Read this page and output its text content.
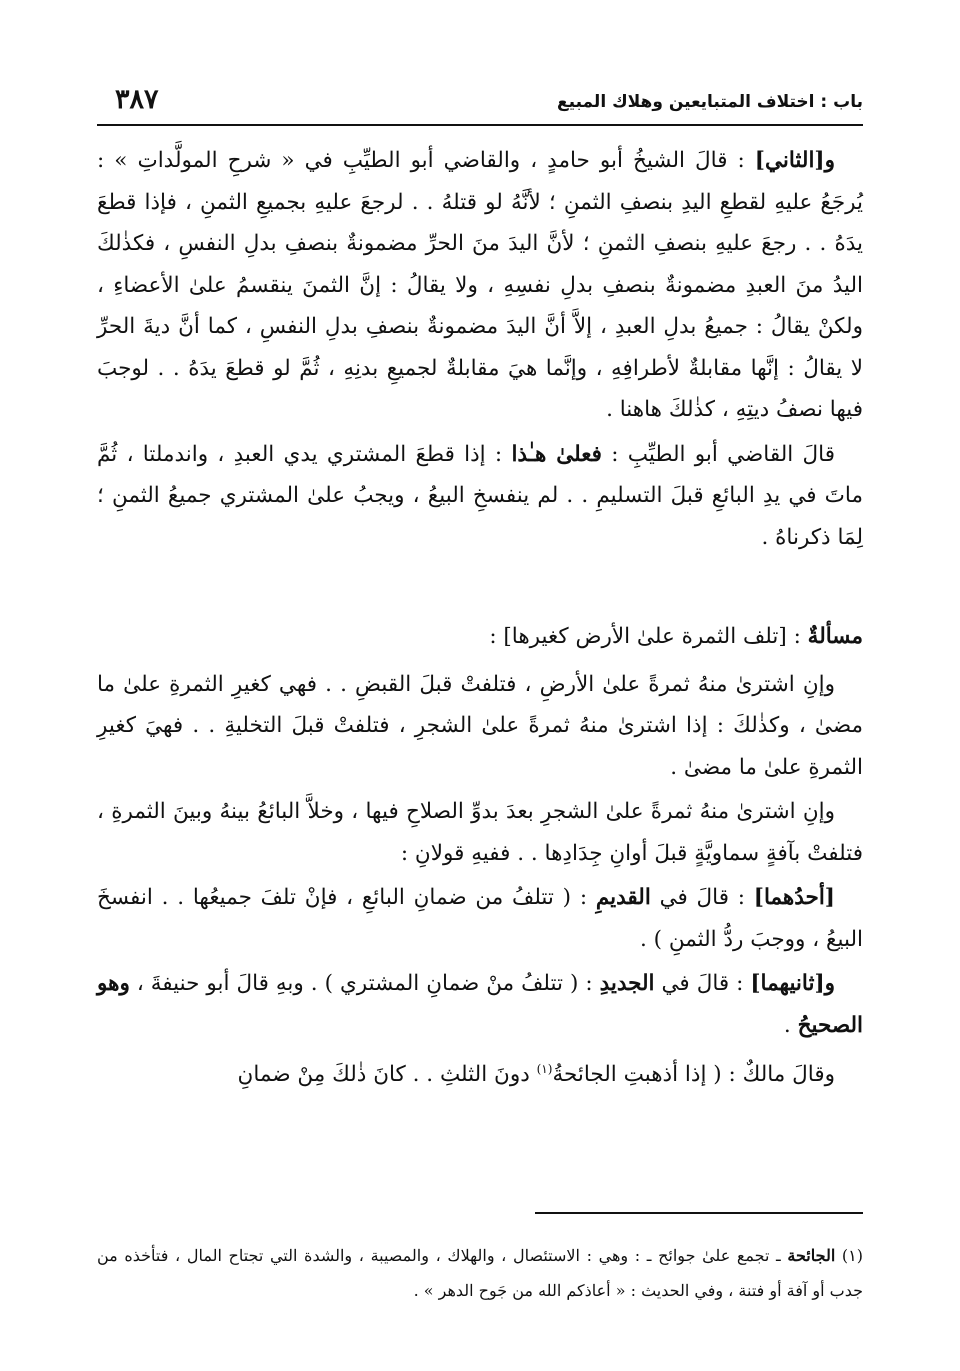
باب : اختلاف المتبايعين وهلاك المبيع
٣٨٧

و[الثاني] : قالَ الشيخُ أبو حامدٍ ، والقاضي أبو الطيِّبِ في « شرحِ المولَّداتِ » : يُرجَعُ عليهِ لقطعِ اليدِ بنصفِ الثمنِ ؛ لأنَّهُ لو قتلهُ . . لرجعَ عليهِ بجميعِ الثمنِ ، فإذا قطعَ يدَهُ . . رجعَ عليهِ بنصفِ الثمنِ ؛ لأنَّ اليدَ منَ الحرِّ مضمونةٌ بنصفِ بدلِ النفسِ ، فكذٰلكَ اليدُ منَ العبدِ مضمونةٌ بنصفِ بدلِ نفسِهِ ، ولا يقالُ : إنَّ الثمنَ ينقسمُ علىٰ الأعضاءِ ، ولكنْ يقالُ : جميعُ بدلِ العبدِ ، إلاَّ أنَّ اليدَ مضمونةٌ بنصفِ بدلِ النفسِ ، كما أنَّ ديةَ الحرِّ لا يقالُ : إنَّها مقابلةٌ لأطرافِهِ ، وإنَّما هيَ مقابلةٌ لجميعِ بدنِهِ ، ثُمَّ لو قطعَ يدَهُ . . لوجبَ فيها نصفُ ديتِهِ ، كذٰلكَ هاهنا .

قالَ القاضي أبو الطيِّبِ : فعلىٰ هـٰذا : إذا قطعَ المشتري يدي العبدِ ، واندملتا ، ثُمَّ ماتَ في يدِ البائعِ قبلَ التسليمِ . . لم ينفسخِ البيعُ ، ويجبُ علىٰ المشتري جميعُ الثمنِ ؛ لِمَا ذكرناهُ .

مسألةٌ : [تلف الثمرة علىٰ الأرض كغيرها] :

وإنِ اشترىٰ منهُ ثمرةً علىٰ الأرضِ ، فتلفتْ قبلَ القبضِ . . فهي كغيرِ الثمرةِ علىٰ ما مضىٰ ، وكذٰلكَ : إذا اشترىٰ منهُ ثمرةً علىٰ الشجرِ ، فتلفتْ قبلَ التخليةِ . . فهيَ كغيرِ الثمرةِ علىٰ ما مضىٰ .

وإنِ اشترىٰ منهُ ثمرةً علىٰ الشجرِ بعدَ بدوِّ الصلاحِ فيها ، وخلاَّ البائعُ بينهُ وبينَ الثمرةِ ، فتلفتْ بآفةٍ سماويَّةٍ قبلَ أوانِ جِدَادِها . . ففيهِ قولانِ :

[أحدُهما] : قالَ في القديمِ : ( تتلفُ من ضمانِ البائعِ ، فإنْ تلفَ جميعُها . . انفسخَ البيعُ ، ووجبَ ردُّ الثمنِ ) .

و[ثانيهما] : قالَ في الجديدِ : ( تتلفُ منْ ضمانِ المشتري ) . وبهِ قالَ أبو حنيفةَ ، وهو الصحيحُ .

وقالَ مالكٌ : ( إذا أذهبتِ الجائحةُ$^{(١)}$ دونَ الثلثِ . . كانَ ذٰلكَ مِنْ ضمانِ

(١) الجائحة ـ تجمع علىٰ جوائح ـ : وهي : الاستئصال ، والهلاك ، والمصيبة ، والشدة التي تجتاح المال ، فتأخذه من جدب أو آفة أو فتنة ، وفي الحديث : « أعاذكم الله من جَوح الدهر » .
